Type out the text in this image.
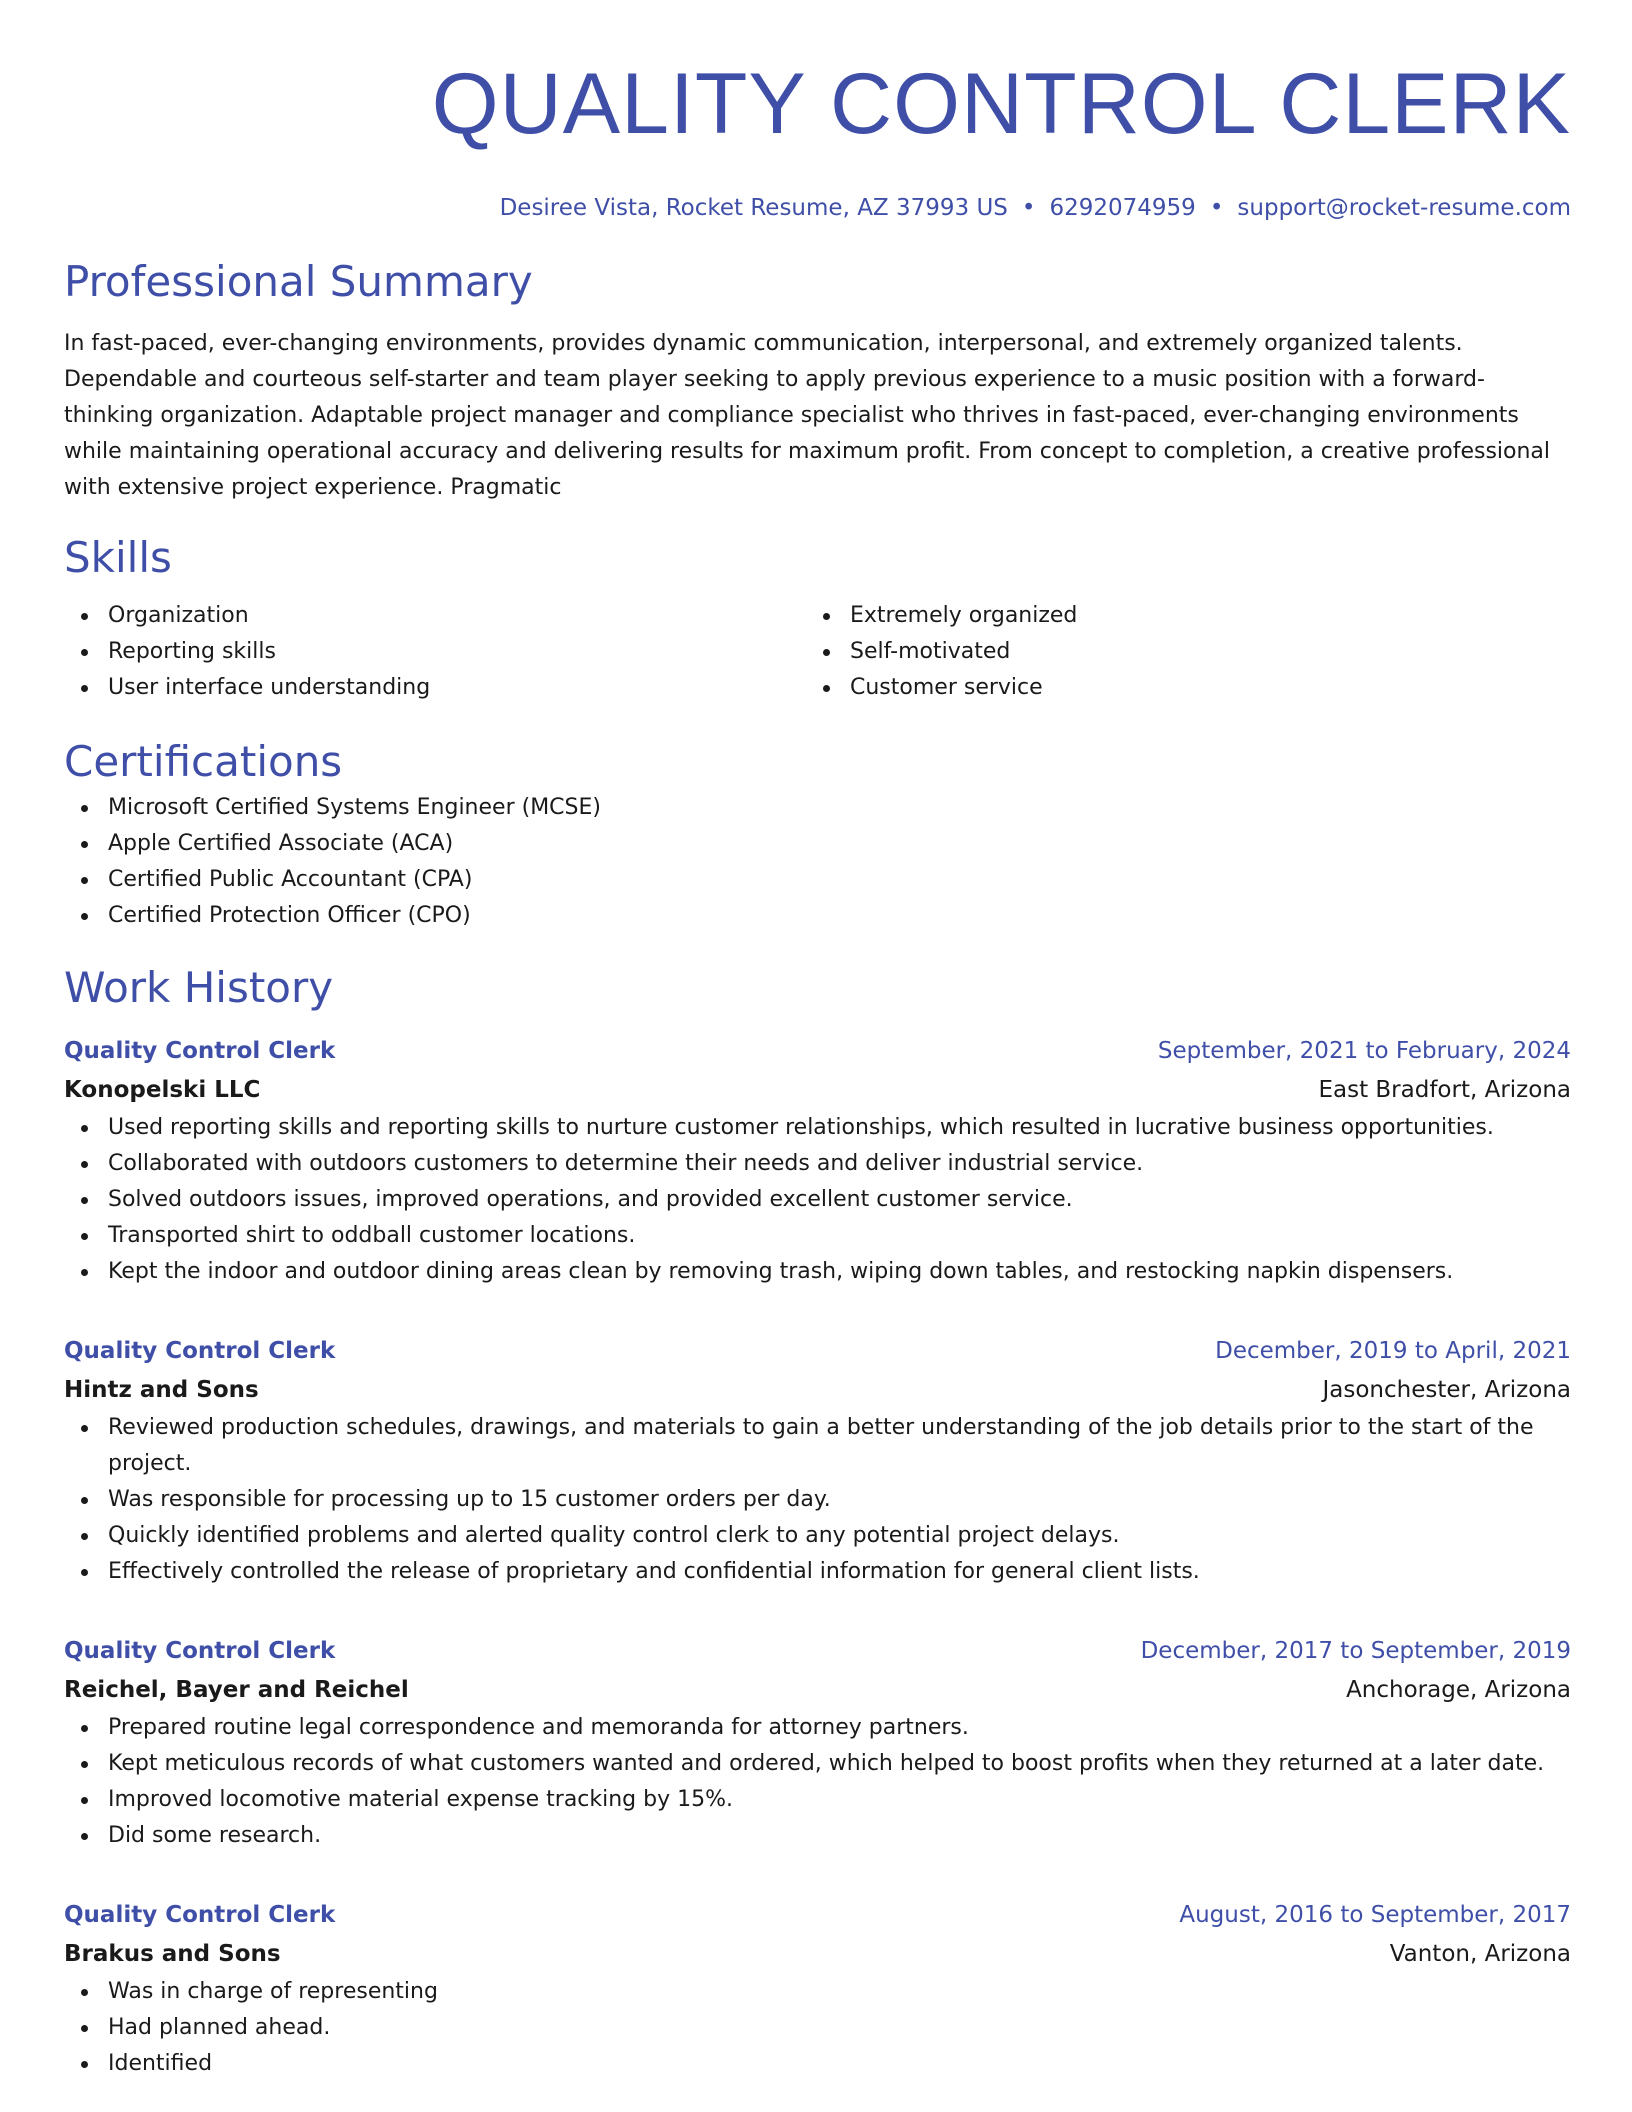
QUALITY CONTROL CLERK
Desiree Vista, Rocket Resume, AZ 37993 US • 6292074959 • support@rocket-resume.com
Professional Summary
In fast-paced, ever-changing environments, provides dynamic communication, interpersonal, and extremely organized talents. Dependable and courteous self-starter and team player seeking to apply previous experience to a music position with a forward-thinking organization. Adaptable project manager and compliance specialist who thrives in fast-paced, ever-changing environments while maintaining operational accuracy and delivering results for maximum profit. From concept to completion, a creative professional with extensive project experience. Pragmatic
Skills
Organization
Reporting skills
User interface understanding
Extremely organized
Self-motivated
Customer service
Certifications
Microsoft Certified Systems Engineer (MCSE)
Apple Certified Associate (ACA)
Certified Public Accountant (CPA)
Certified Protection Officer (CPO)
Work History
Quality Control Clerk	September, 2021 to February, 2024
Konopelski LLC	East Bradfort, Arizona
Used reporting skills and reporting skills to nurture customer relationships, which resulted in lucrative business opportunities.
Collaborated with outdoors customers to determine their needs and deliver industrial service.
Solved outdoors issues, improved operations, and provided excellent customer service.
Transported shirt to oddball customer locations.
Kept the indoor and outdoor dining areas clean by removing trash, wiping down tables, and restocking napkin dispensers.
Quality Control Clerk	December, 2019 to April, 2021
Hintz and Sons	Jasonchester, Arizona
Reviewed production schedules, drawings, and materials to gain a better understanding of the job details prior to the start of the project.
Was responsible for processing up to 15 customer orders per day.
Quickly identified problems and alerted quality control clerk to any potential project delays.
Effectively controlled the release of proprietary and confidential information for general client lists.
Quality Control Clerk	December, 2017 to September, 2019
Reichel, Bayer and Reichel	Anchorage, Arizona
Prepared routine legal correspondence and memoranda for attorney partners.
Kept meticulous records of what customers wanted and ordered, which helped to boost profits when they returned at a later date.
Improved locomotive material expense tracking by 15%.
Did some research.
Quality Control Clerk	August, 2016 to September, 2017
Brakus and Sons	Vanton, Arizona
Was in charge of representing
Had planned ahead.
Identified
